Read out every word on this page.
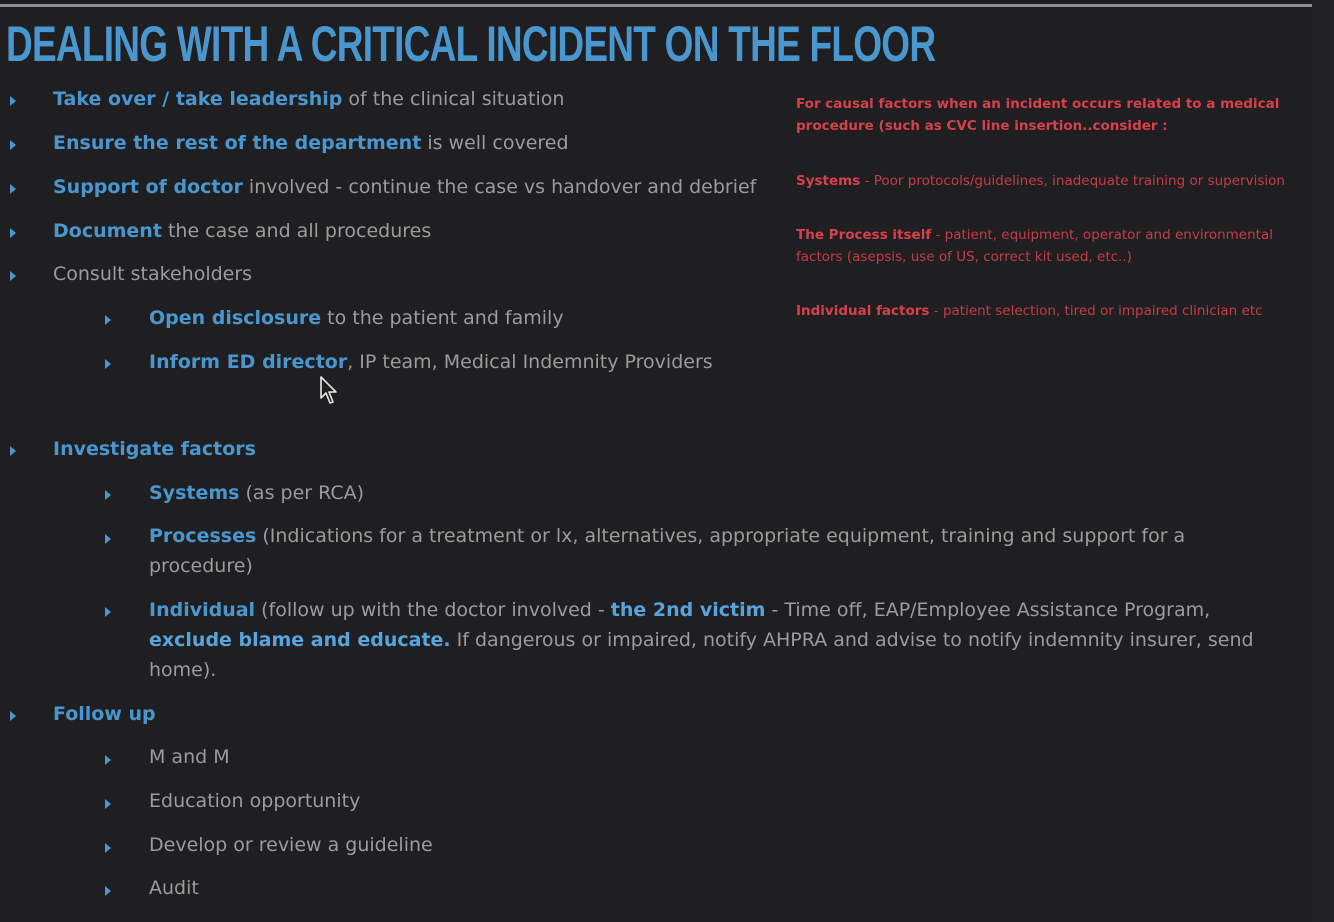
DEALING WITH A CRITICAL INCIDENT ON THE FLOOR
Take over / take leadership of the clinical situation
Ensure the rest of the department is well covered
Support of doctor involved - continue the case vs handover and debrief
Document the case and all procedures
Consult stakeholders
Open disclosure to the patient and family
Inform ED director, IP team, Medical Indemnity Providers
Investigate factors
Systems (as per RCA)
Processes (Indications for a treatment or lx, alternatives, appropriate equipment, training and support for a procedure)
Individual (follow up with the doctor involved - the 2nd victim - Time off, EAP/Employee Assistance Program, exclude blame and educate. If dangerous or impaired, notify AHPRA and advise to notify indemnity insurer, send home).
Follow up
M and M
Education opportunity
Develop or review a guideline
Audit
For causal factors when an incident occurs related to a medical procedure (such as CVC line insertion..consider :
Systems - Poor protocols/guidelines, inadequate training or supervision
The Process itself - patient, equipment, operator and environmental factors (asepsis, use of US, correct kit used, etc..)
Individual factors - patient selection, tired or impaired clinician etc
